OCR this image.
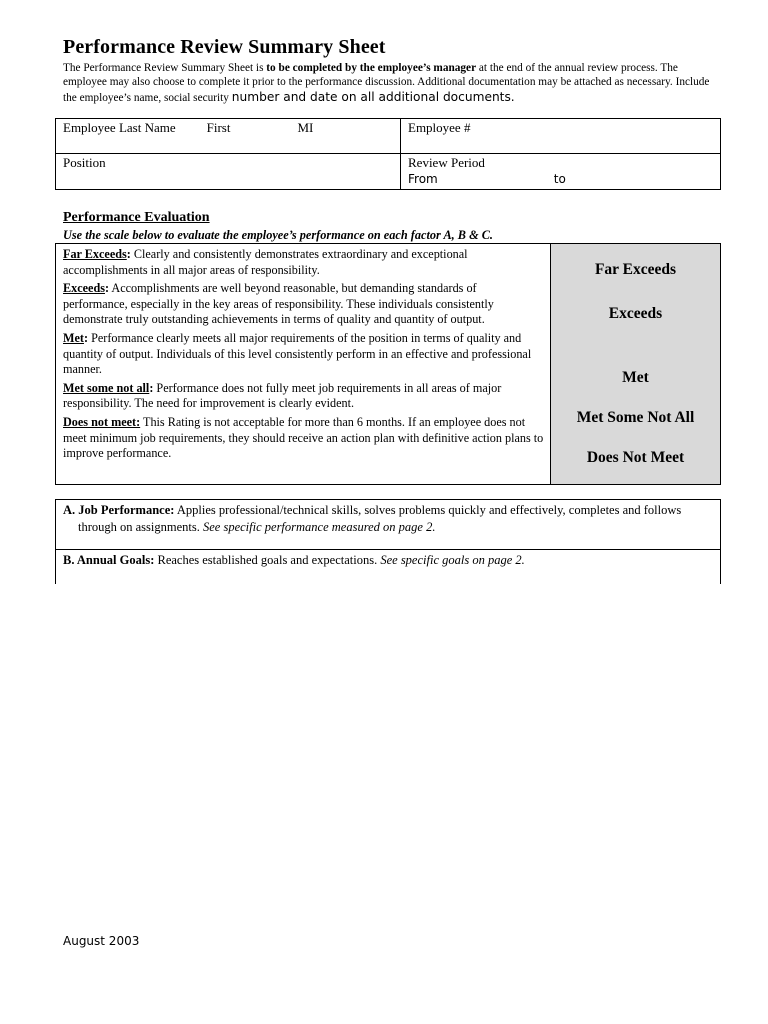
Performance Review Summary Sheet
The Performance Review Summary Sheet is to be completed by the employee’s manager at the end of the annual review process. The employee may also choose to complete it prior to the performance discussion. Additional documentation may be attached as necessary. Include the employee’s name, social security number and date on all additional documents.
Employee Last Name First MI	Employee #
Position	Review Period
From to
Performance Evaluation
Use the scale below to evaluate the employee’s performance on each factor A, B & C.
Far Exceeds: Clearly and consistently demonstrates extraordinary and exceptional accomplishments in all major areas of responsibility.
Exceeds: Accomplishments are well beyond reasonable, but demanding standards of performance, especially in the key areas of responsibility. These individuals consistently demonstrate truly outstanding achievements in terms of quality and quantity of output.
Met: Performance clearly meets all major requirements of the position in terms of quality and quantity of output. Individuals of this level consistently perform in an effective and professional manner.
Met some not all: Performance does not fully meet job requirements in all areas of major responsibility. The need for improvement is clearly evident.
Does not meet: This Rating is not acceptable for more than 6 months. If an employee does not meet minimum job requirements, they should receive an action plan with definitive action plans to improve performance.

Far Exceeds
Exceeds
Met
Met Some Not All
Does Not Meet
A. Job Performance: Applies professional/technical skills, solves problems quickly and effectively, completes and follows through on assignments. See specific performance measured on page 2.

B. Annual Goals: Reaches established goals and expectations. See specific goals on page 2.
August 2003
